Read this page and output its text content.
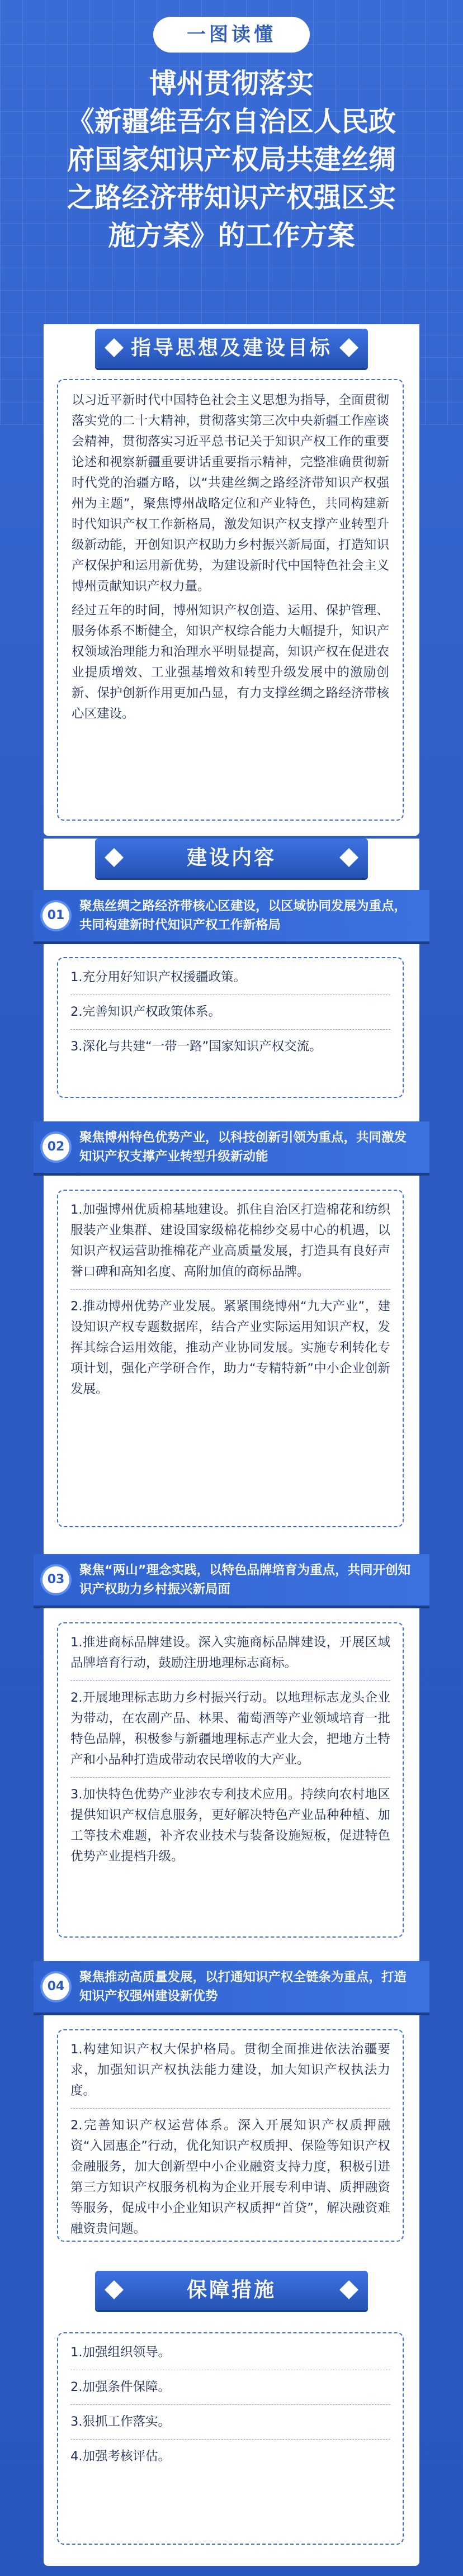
一图读懂
博州贯彻落实
《新疆维吾尔自治区人民政
府国家知识产权局共建丝绸
之路经济带知识产权强区实
施方案》的工作方案
指导思想及建设目标

以习近平新时代中国特色社会主义思想为指导，全面贯彻落实党的二十大精神，贯彻落实第三次中央新疆工作座谈会精神，贯彻落实习近平总书记关于知识产权工作的重要论述和视察新疆重要讲话重要指示精神，完整准确贯彻新时代党的治疆方略，以“共建丝绸之路经济带知识产权强州为主题”，聚焦博州战略定位和产业特色，共同构建新时代知识产权工作新格局，激发知识产权支撑产业转型升级新动能，开创知识产权助力乡村振兴新局面，打造知识产权保护和运用新优势，为建设新时代中国特色社会主义博州贡献知识产权力量。

经过五年的时间，博州知识产权创造、运用、保护管理、服务体系不断健全，知识产权综合能力大幅提升，知识产权领域治理能力和治理水平明显提高，知识产权在促进农业提质增效、工业强基增效和转型升级发展中的激励创新、保护创新作用更加凸显，有力支撑丝绸之路经济带核心区建设。

建设内容
01
聚焦丝绸之路经济带核心区建设，以区域协同发展为重点，共同构建新时代知识产权工作新格局
1.充分用好知识产权援疆政策。
2.完善知识产权政策体系。
3.深化与共建“一带一路”国家知识产权交流。
02
聚焦博州特色优势产业，以科技创新引领为重点，共同激发知识产权支撑产业转型升级新动能
1.加强博州优质棉基地建设。抓住自治区打造棉花和纺织服装产业集群、建设国家级棉花棉纱交易中心的机遇，以知识产权运营助推棉花产业高质量发展，打造具有良好声誉口碑和高知名度、高附加值的商标品牌。
2.推动博州优势产业发展。紧紧围绕博州“九大产业”，建设知识产权专题数据库，结合产业实际运用知识产权，发挥其综合运用效能，推动产业协同发展。实施专利转化专项计划，强化产学研合作，助力“专精特新”中小企业创新发展。
03
聚焦“两山”理念实践，以特色品牌培育为重点，共同开创知识产权助力乡村振兴新局面
1.推进商标品牌建设。深入实施商标品牌建设，开展区域品牌培育行动，鼓励注册地理标志商标。
2.开展地理标志助力乡村振兴行动。以地理标志龙头企业为带动，在农副产品、林果、葡萄酒等产业领域培育一批特色品牌，积极参与新疆地理标志产业大会，把地方土特产和小品种打造成带动农民增收的大产业。
3.加快特色优势产业涉农专利技术应用。持续向农村地区提供知识产权信息服务，更好解决特色产业品种种植、加工等技术难题，补齐农业技术与装备设施短板，促进特色优势产业提档升级。
04
聚焦推动高质量发展，以打通知识产权全链条为重点，打造知识产权强州建设新优势
1.构建知识产权大保护格局。贯彻全面推进依法治疆要求，加强知识产权执法能力建设，加大知识产权执法力度。
2.完善知识产权运营体系。深入开展知识产权质押融资“入园惠企”行动，优化知识产权质押、保险等知识产权金融服务，加大创新型中小企业融资支持力度，积极引进第三方知识产权服务机构为企业开展专利申请、质押融资等服务，促成中小企业知识产权质押“首贷”，解决融资难融资贵问题。
保障措施
1.加强组织领导。
2.加强条件保障。
3.狠抓工作落实。
4.加强考核评估。
